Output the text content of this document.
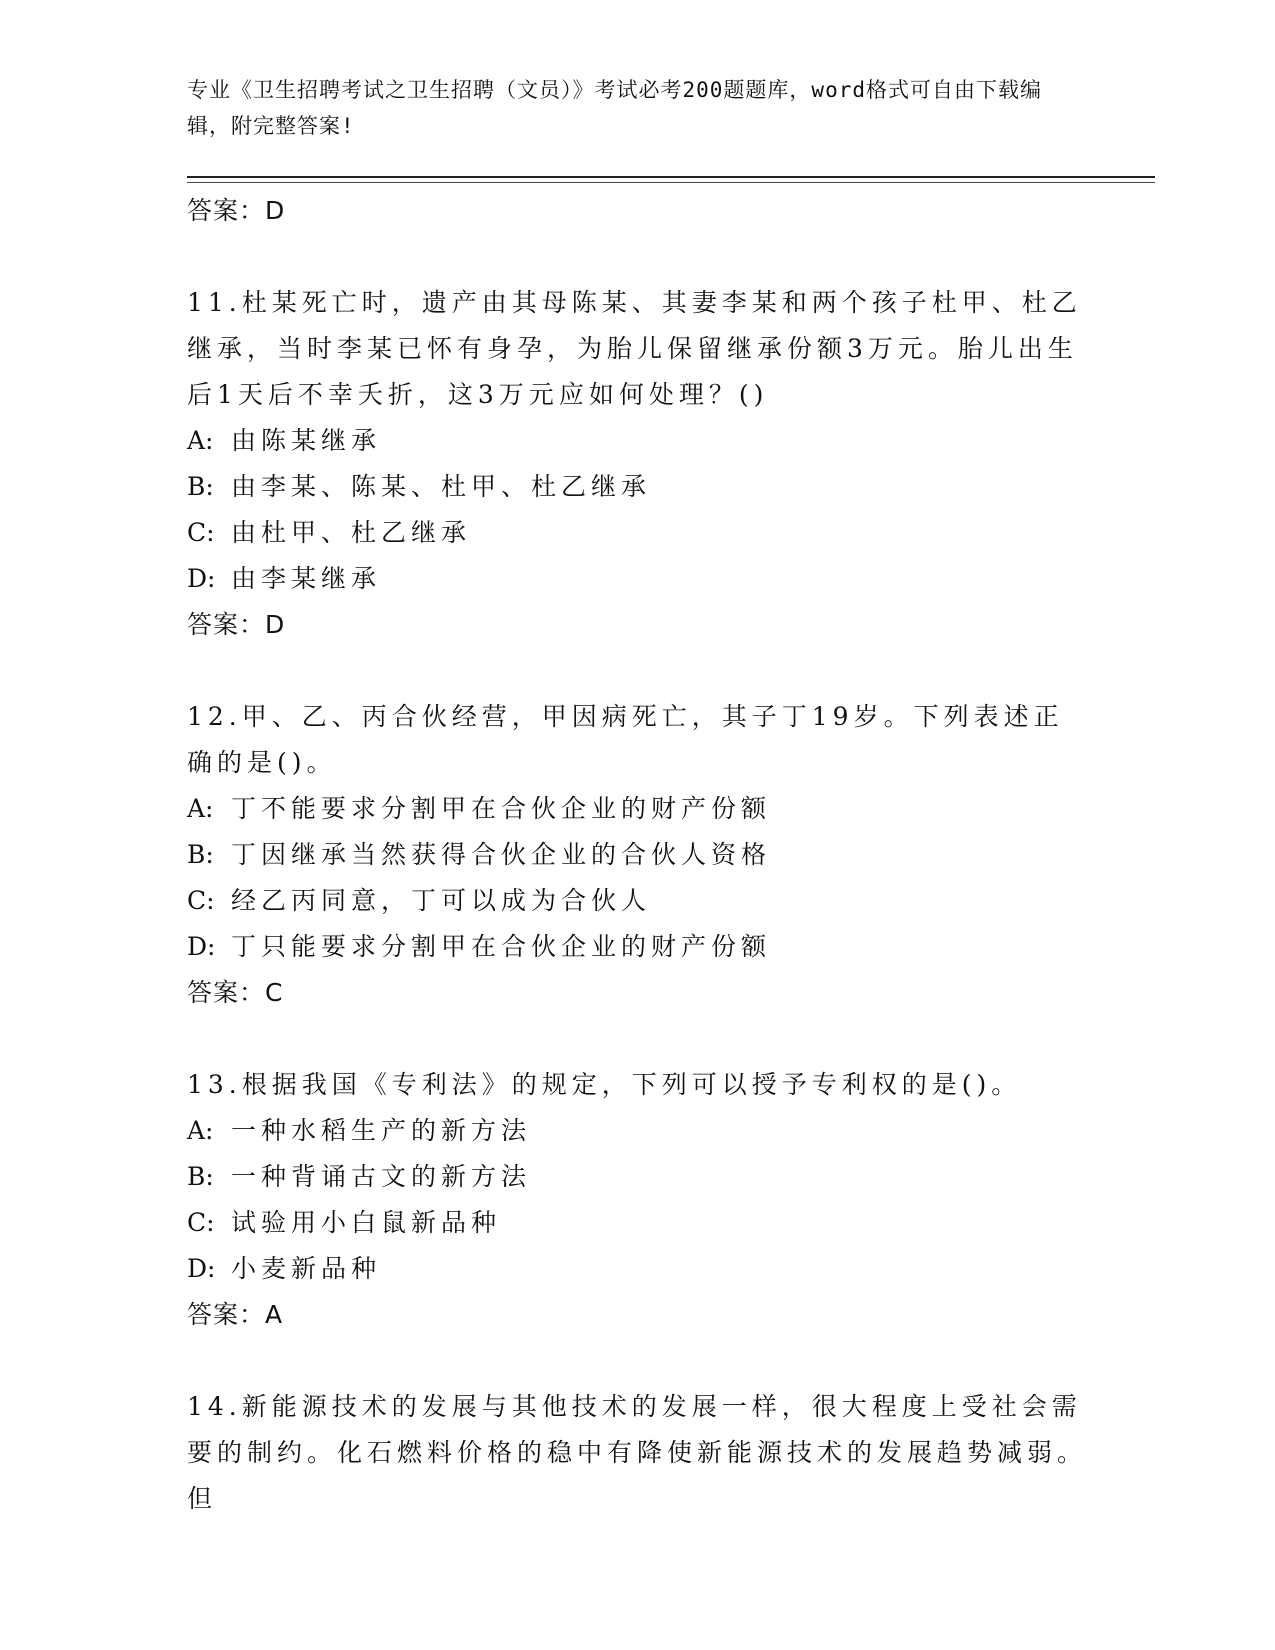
专业《卫生招聘考试之卫生招聘（文员）》考试必考200题题库，word格式可自由下载编辑，附完整答案!

答案：D

11.杜某死亡时，遗产由其母陈某、其妻李某和两个孩子杜甲、杜乙继承，当时李某已怀有身孕，为胎儿保留继承份额3万元。胎儿出生后1天后不幸夭折，这3万元应如何处理？()

A: 由陈某继承

B: 由李某、陈某、杜甲、杜乙继承

C: 由杜甲、杜乙继承

D: 由李某继承

答案：D

12.甲、乙、丙合伙经营，甲因病死亡，其子丁19岁。下列表述正确的是()。

A: 丁不能要求分割甲在合伙企业的财产份额

B: 丁因继承当然获得合伙企业的合伙人资格

C: 经乙丙同意，丁可以成为合伙人

D: 丁只能要求分割甲在合伙企业的财产份额

答案：C

13.根据我国《专利法》的规定，下列可以授予专利权的是()。

A: 一种水稻生产的新方法

B: 一种背诵古文的新方法

C: 试验用小白鼠新品种

D: 小麦新品种

答案：A

14.新能源技术的发展与其他技术的发展一样，很大程度上受社会需要的制约。化石燃料价格的稳中有降使新能源技术的发展趋势减弱。但
